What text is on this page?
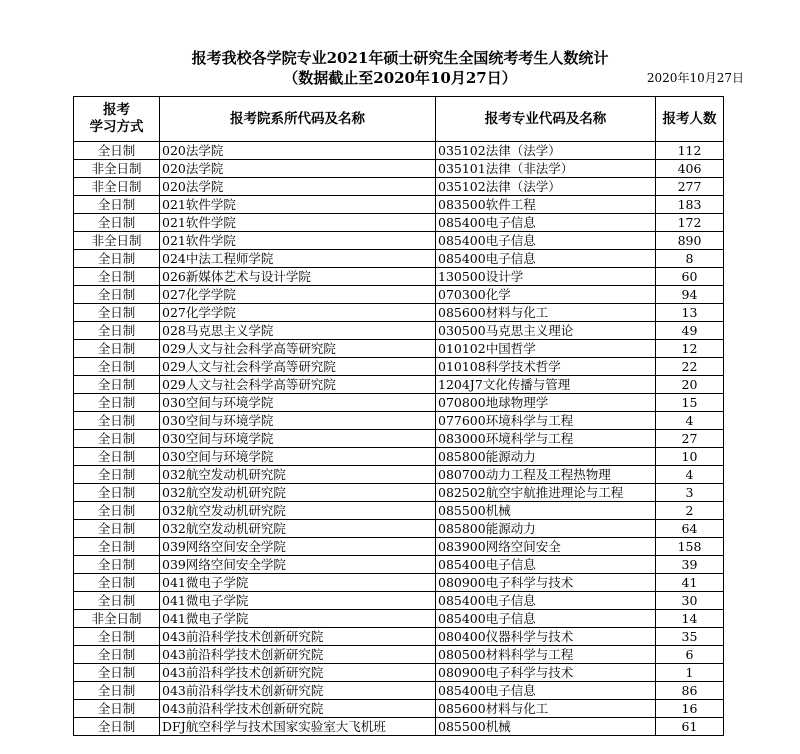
报考我校各学院专业2021年硕士研究生全国统考考生人数统计
（数据截止至2020年10月27日）	2020年10月27日
报考
学习方式	报考院系所代码及名称	报考专业代码及名称	报考人数
全日制	020法学院	035102法律（法学）	112
非全日制	020法学院	035101法律（非法学）	406
非全日制	020法学院	035102法律（法学）	277
全日制	021软件学院	083500软件工程	183
全日制	021软件学院	085400电子信息	172
非全日制	021软件学院	085400电子信息	890
全日制	024中法工程师学院	085400电子信息	8
全日制	026新媒体艺术与设计学院	130500设计学	60
全日制	027化学学院	070300化学	94
全日制	027化学学院	085600材料与化工	13
全日制	028马克思主义学院	030500马克思主义理论	49
全日制	029人文与社会科学高等研究院	010102中国哲学	12
全日制	029人文与社会科学高等研究院	010108科学技术哲学	22
全日制	029人文与社会科学高等研究院	1204J7文化传播与管理	20
全日制	030空间与环境学院	070800地球物理学	15
全日制	030空间与环境学院	077600环境科学与工程	4
全日制	030空间与环境学院	083000环境科学与工程	27
全日制	030空间与环境学院	085800能源动力	10
全日制	032航空发动机研究院	080700动力工程及工程热物理	4
全日制	032航空发动机研究院	082502航空宇航推进理论与工程	3
全日制	032航空发动机研究院	085500机械	2
全日制	032航空发动机研究院	085800能源动力	64
全日制	039网络空间安全学院	083900网络空间安全	158
全日制	039网络空间安全学院	085400电子信息	39
全日制	041微电子学院	080900电子科学与技术	41
全日制	041微电子学院	085400电子信息	30
非全日制	041微电子学院	085400电子信息	14
全日制	043前沿科学技术创新研究院	080400仪器科学与技术	35
全日制	043前沿科学技术创新研究院	080500材料科学与工程	6
全日制	043前沿科学技术创新研究院	080900电子科学与技术	1
全日制	043前沿科学技术创新研究院	085400电子信息	86
全日制	043前沿科学技术创新研究院	085600材料与化工	16
全日制	DFJ航空科学与技术国家实验室大飞机班	085500机械	61
